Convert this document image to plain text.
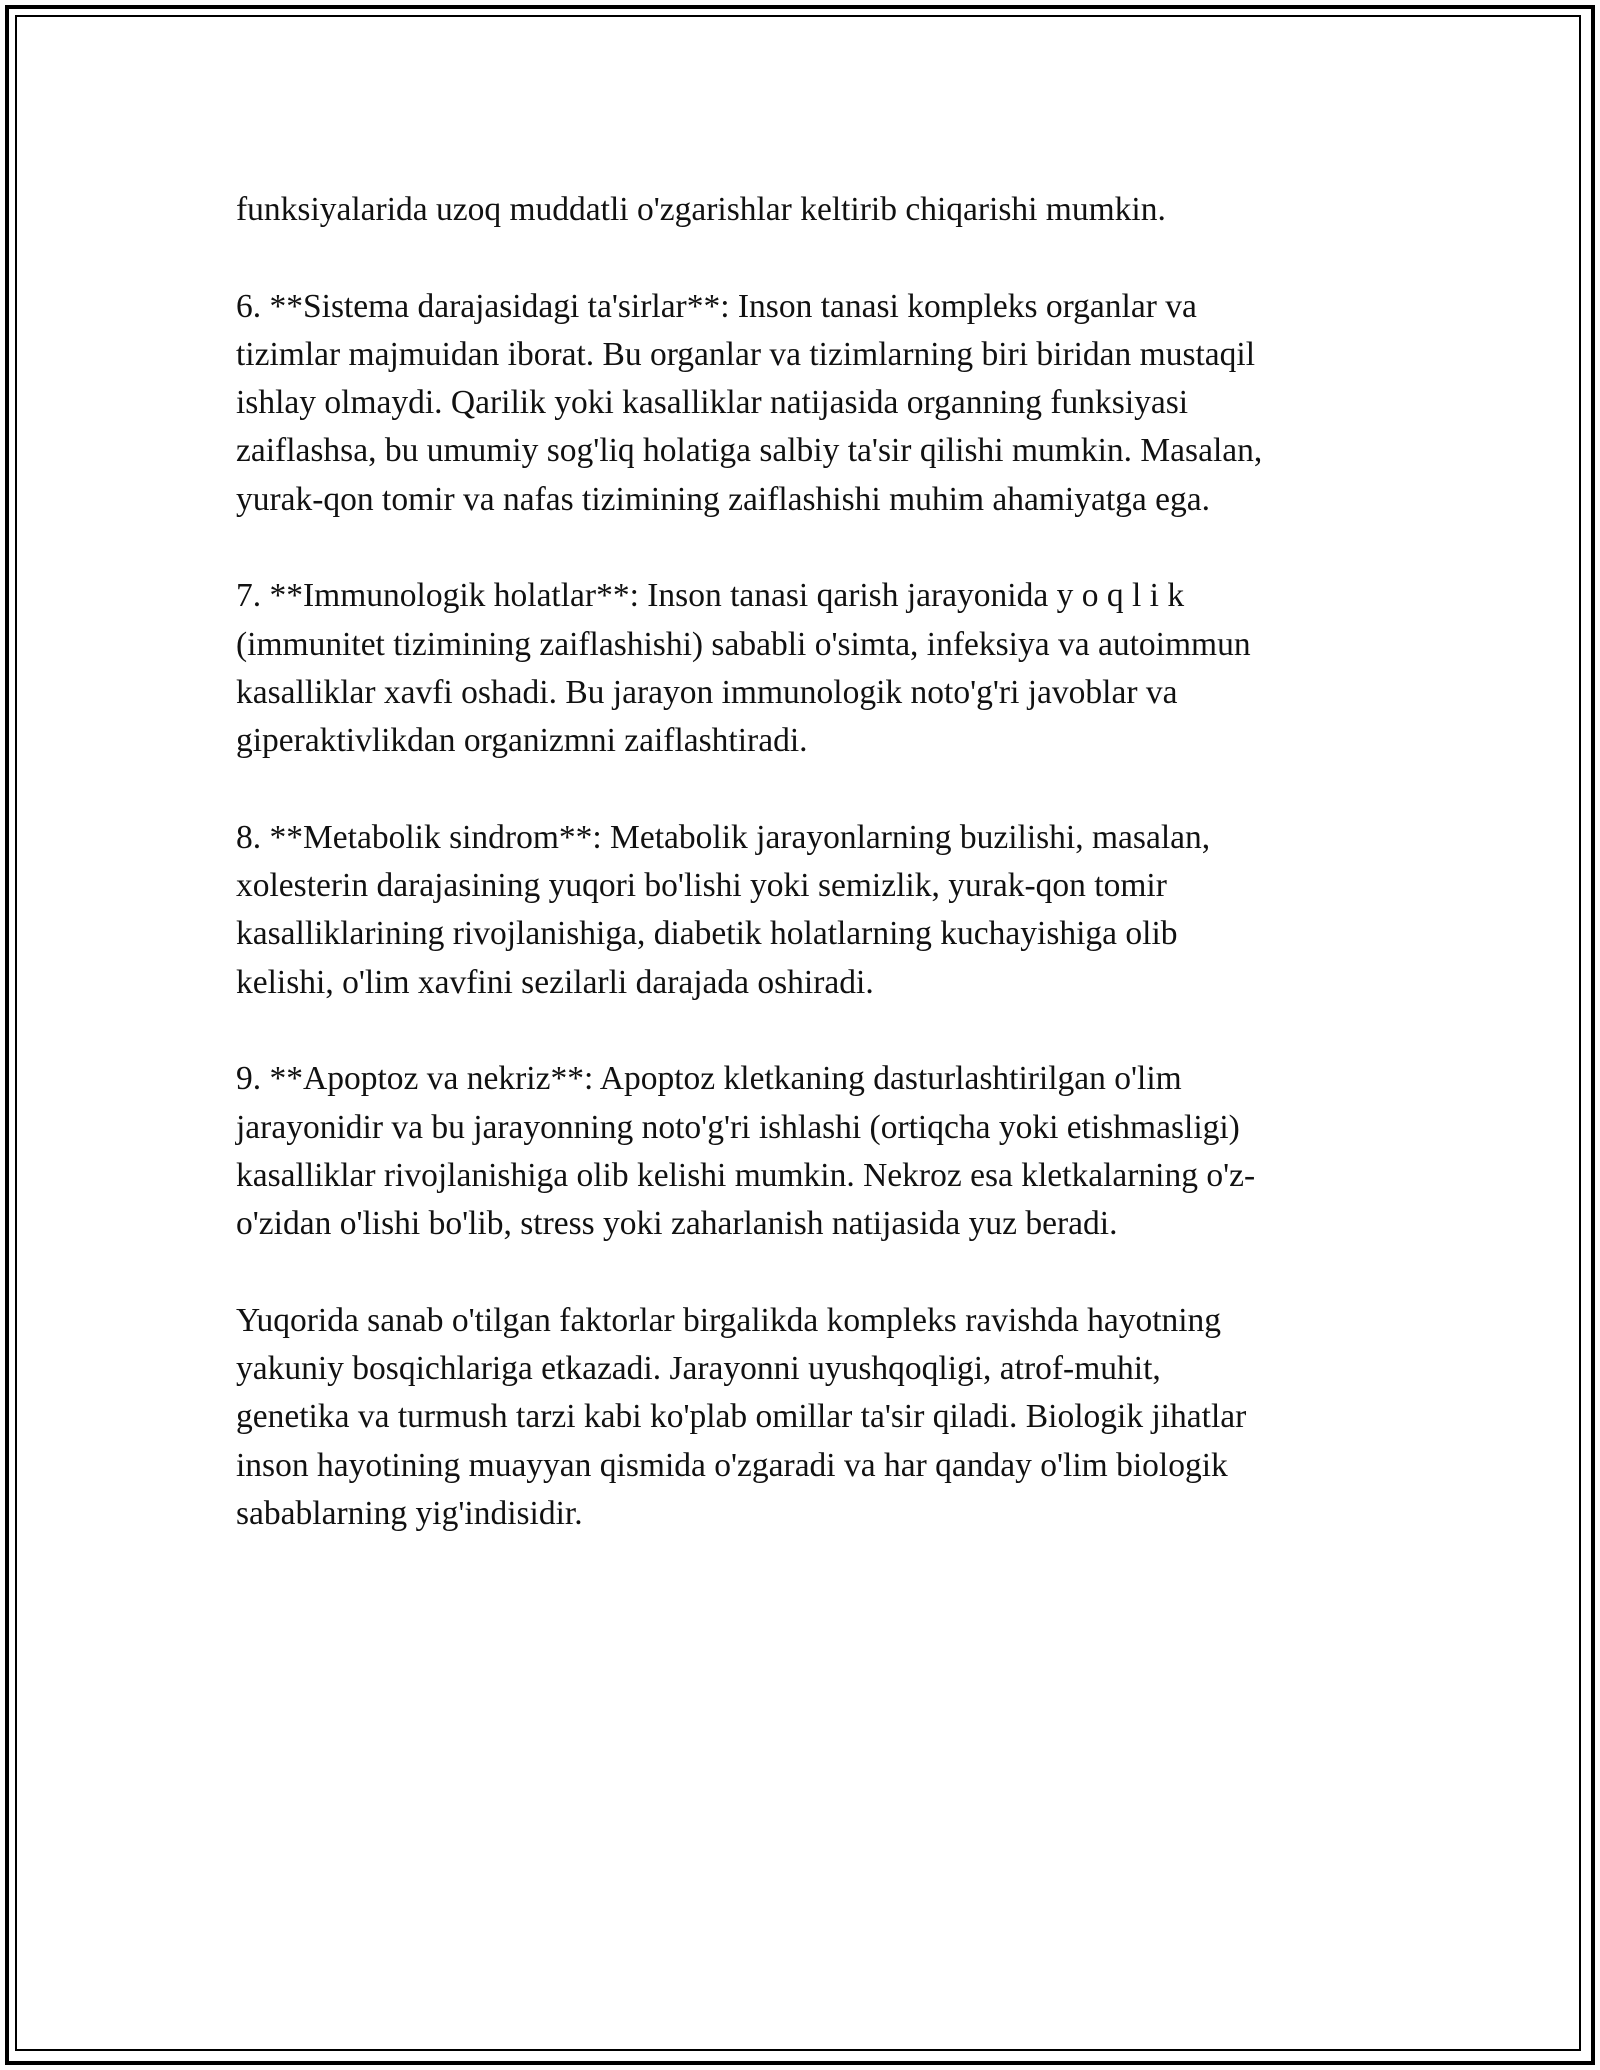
funksiyalarida uzoq muddatli o'zgarishlar keltirib chiqarishi mumkin.

6. **Sistema darajasidagi ta'sirlar**: Inson tanasi kompleks organlar va
tizimlar majmuidan iborat. Bu organlar va tizimlarning biri biridan mustaqil
ishlay olmaydi. Qarilik yoki kasalliklar natijasida organning funksiyasi
zaiflashsa, bu umumiy sog'liq holatiga salbiy ta'sir qilishi mumkin. Masalan,
yurak-qon tomir va nafas tizimining zaiflashishi muhim ahamiyatga ega.

7. **Immunologik holatlar**: Inson tanasi qarish jarayonida y o q l i k
(immunitet tizimining zaiflashishi) sababli o'simta, infeksiya va autoimmun
kasalliklar xavfi oshadi. Bu jarayon immunologik noto'g'ri javoblar va
giperaktivlikdan organizmni zaiflashtiradi.

8. **Metabolik sindrom**: Metabolik jarayonlarning buzilishi, masalan,
xolesterin darajasining yuqori bo'lishi yoki semizlik, yurak-qon tomir
kasalliklarining rivojlanishiga, diabetik holatlarning kuchayishiga olib
kelishi, o'lim xavfini sezilarli darajada oshiradi.

9. **Apoptoz va nekriz**: Apoptoz kletkaning dasturlashtirilgan o'lim
jarayonidir va bu jarayonning noto'g'ri ishlashi (ortiqcha yoki etishmasligi)
kasalliklar rivojlanishiga olib kelishi mumkin. Nekroz esa kletkalarning o'z-
o'zidan o'lishi bo'lib, stress yoki zaharlanish natijasida yuz beradi.

Yuqorida sanab o'tilgan faktorlar birgalikda kompleks ravishda hayotning
yakuniy bosqichlariga etkazadi. Jarayonni uyushqoqligi, atrof-muhit,
genetika va turmush tarzi kabi ko'plab omillar ta'sir qiladi. Biologik jihatlar
inson hayotining muayyan qismida o'zgaradi va har qanday o'lim biologik
sabablarning yig'indisidir.
